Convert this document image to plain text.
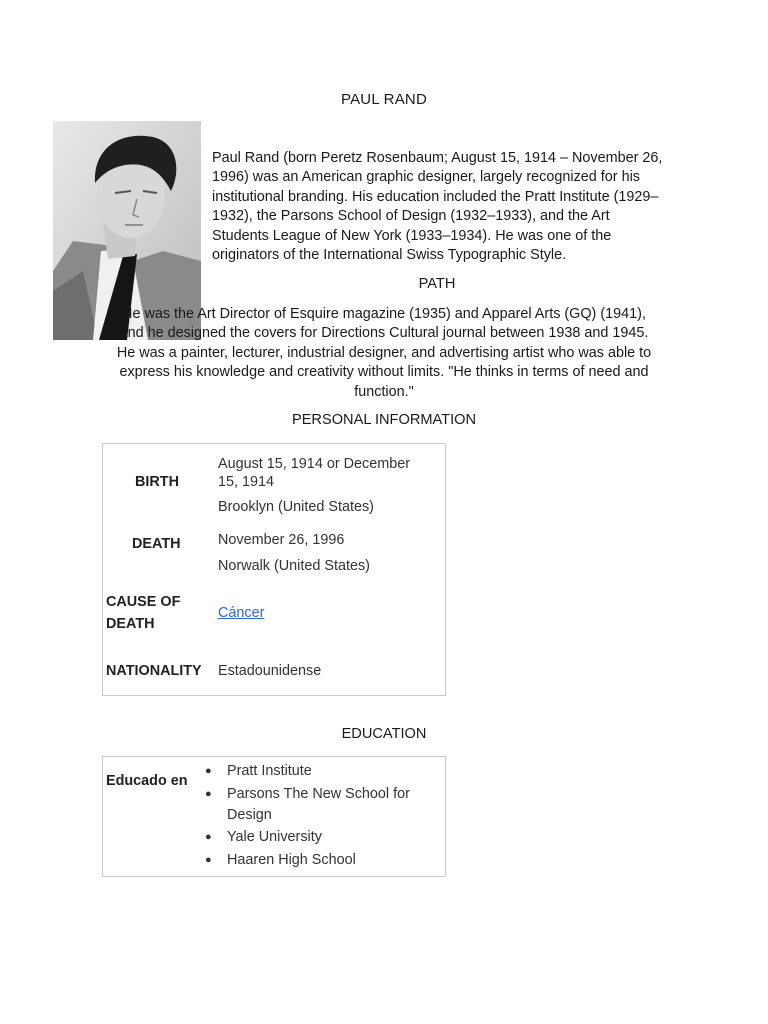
PAUL RAND
Paul Rand (born Peretz Rosenbaum; August 15, 1914 – November 26, 1996) was an American graphic designer, largely recognized for his institutional branding. His education included the Pratt Institute (1929–1932), the Parsons School of Design (1932–1933), and the Art Students League of New York (1933–1934). He was one of the originators of the International Swiss Typographic Style.
PATH
He was the Art Director of Esquire magazine (1935) and Apparel Arts (GQ) (1941), and he designed the covers for Directions Cultural journal between 1938 and 1945. He was a painter, lecturer, industrial designer, and advertising artist who was able to express his knowledge and creativity without limits. "He thinks in terms of need and function."
PERSONAL INFORMATION
BIRTH
August 15, 1914 or December 15, 1914
Brooklyn (United States)
DEATH	November 26, 1996
Norwalk (United States)
CAUSE OF DEATH
Cáncer
NATIONALITY Estadounidense
EDUCATION
Educado en
● Pratt Institute
● Parsons The New School for Design
● Yale University
● Haaren High School
